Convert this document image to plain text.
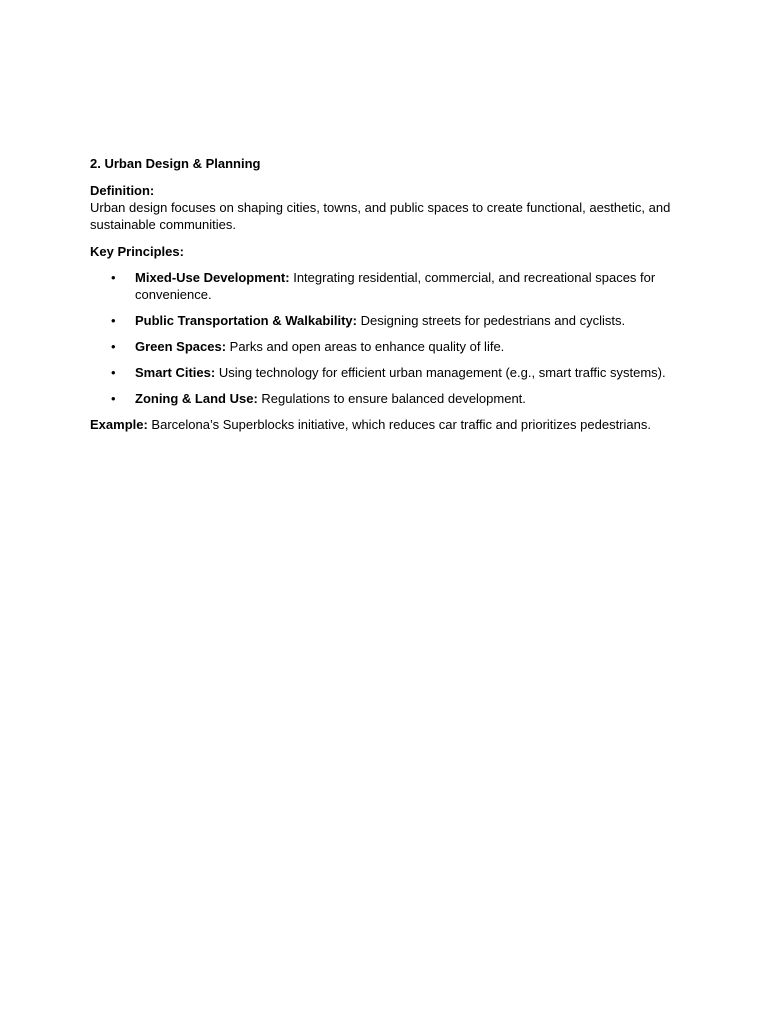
2. Urban Design & Planning

Definition:

Urban design focuses on shaping cities, towns, and public spaces to create functional, aesthetic, and sustainable communities.

Key Principles:

• Mixed-Use Development: Integrating residential, commercial, and recreational spaces for convenience.
• Public Transportation & Walkability: Designing streets for pedestrians and cyclists.
• Green Spaces: Parks and open areas to enhance quality of life.
• Smart Cities: Using technology for efficient urban management (e.g., smart traffic systems).
• Zoning & Land Use: Regulations to ensure balanced development.

Example: Barcelona’s Superblocks initiative, which reduces car traffic and prioritizes pedestrians.
